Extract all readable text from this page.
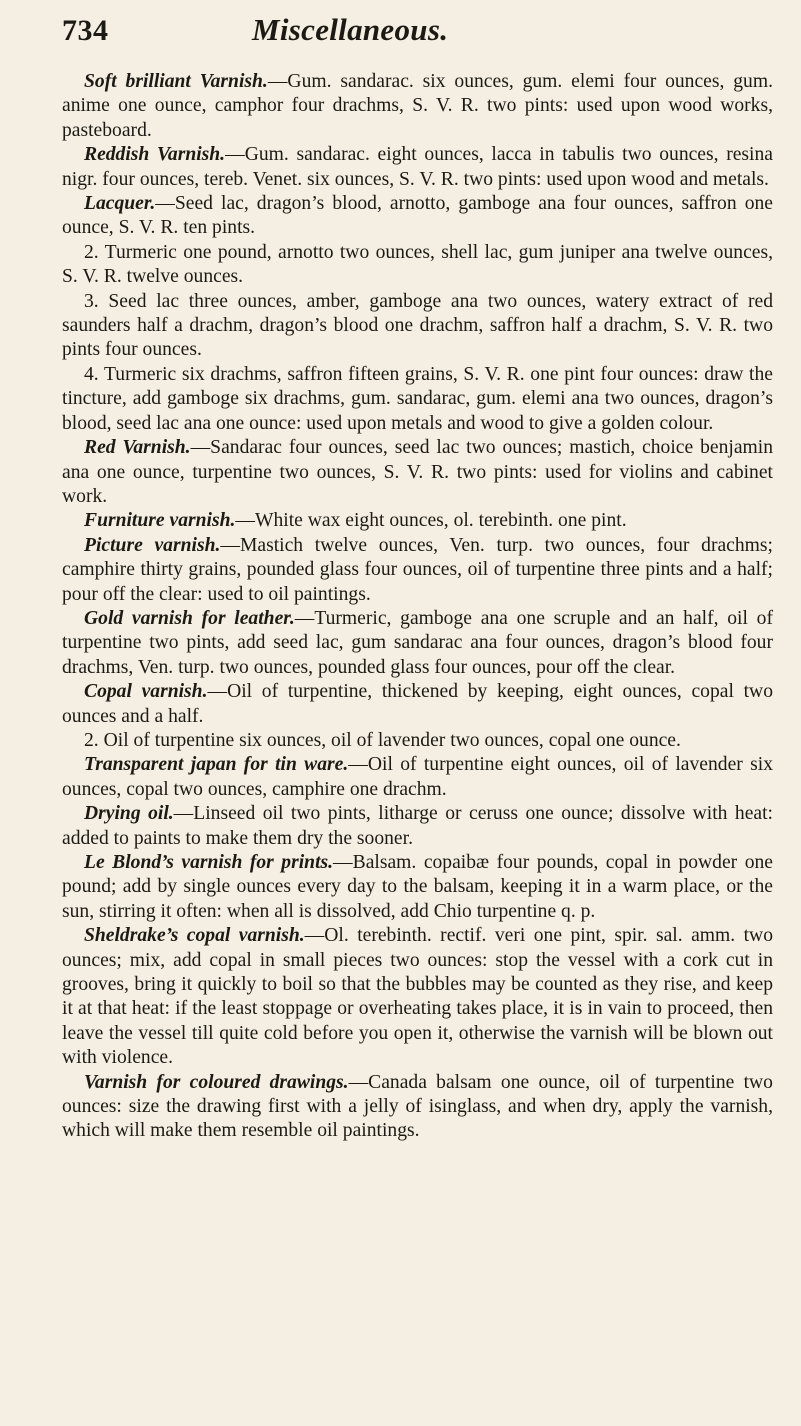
734	Miscellaneous.

Soft brilliant Varnish.—Gum. sandarac. six ounces, gum. elemi four ounces, gum. anime one ounce, camphor four drachms, S. V. R. two pints: used upon wood works, pasteboard.

Reddish Varnish.—Gum. sandarac. eight ounces, lacca in tabulis two ounces, resina nigr. four ounces, tereb. Venet. six ounces, S. V. R. two pints: used upon wood and metals.

Lacquer.—Seed lac, dragon’s blood, arnotto, gamboge ana four ounces, saffron one ounce, S. V. R. ten pints.

2. Turmeric one pound, arnotto two ounces, shell lac, gum juniper ana twelve ounces, S. V. R. twelve ounces.

3. Seed lac three ounces, amber, gamboge ana two ounces, watery extract of red saunders half a drachm, dragon’s blood one drachm, saffron half a drachm, S. V. R. two pints four ounces.

4. Turmeric six drachms, saffron fifteen grains, S. V. R. one pint four ounces: draw the tincture, add gamboge six drachms, gum. sandarac, gum. elemi ana two ounces, dragon’s blood, seed lac ana one ounce: used upon metals and wood to give a golden colour.

Red Varnish.—Sandarac four ounces, seed lac two ounces; mastich, choice benjamin ana one ounce, turpentine two ounces, S. V. R. two pints: used for violins and cabinet work.

Furniture varnish.—White wax eight ounces, ol. terebinth. one pint.

Picture varnish.—Mastich twelve ounces, Ven. turp. two ounces, four drachms; camphire thirty grains, pounded glass four ounces, oil of turpentine three pints and a half; pour off the clear: used to oil paintings.

Gold varnish for leather.—Turmeric, gamboge ana one scruple and an half, oil of turpentine two pints, add seed lac, gum sandarac ana four ounces, dragon’s blood four drachms, Ven. turp. two ounces, pounded glass four ounces, pour off the clear.

Copal varnish.—Oil of turpentine, thickened by keeping, eight ounces, copal two ounces and a half.

2. Oil of turpentine six ounces, oil of lavender two ounces, copal one ounce.

Transparent japan for tin ware.—Oil of turpentine eight ounces, oil of lavender six ounces, copal two ounces, camphire one drachm.

Drying oil.—Linseed oil two pints, litharge or ceruss one ounce; dissolve with heat: added to paints to make them dry the sooner.

Le Blond’s varnish for prints.—Balsam. copaibæ four pounds, copal in powder one pound; add by single ounces every day to the balsam, keeping it in a warm place, or the sun, stirring it often: when all is dissolved, add Chio turpentine q. p.

Sheldrake’s copal varnish.—Ol. terebinth. rectif. veri one pint, spir. sal. amm. two ounces; mix, add copal in small pieces two ounces: stop the vessel with a cork cut in grooves, bring it quickly to boil so that the bubbles may be counted as they rise, and keep it at that heat: if the least stoppage or overheating takes place, it is in vain to proceed, then leave the vessel till quite cold before you open it, otherwise the varnish will be blown out with violence.

Varnish for coloured drawings.—Canada balsam one ounce, oil of turpentine two ounces: size the drawing first with a jelly of isinglass, and when dry, apply the varnish, which will make them resemble oil paintings.
